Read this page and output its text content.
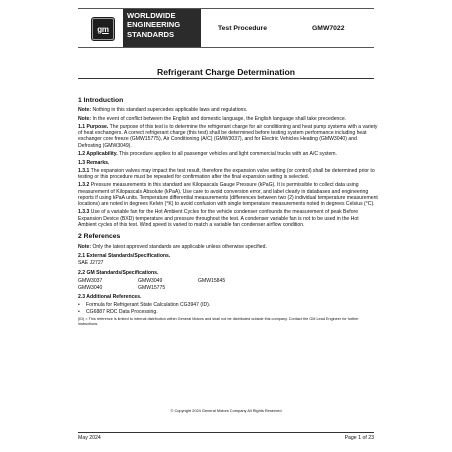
gm
WORLDWIDE
ENGINEERING
STANDARDS
Test Procedure	GMW7022
Refrigerant Charge Determination
1 Introduction
Note: Nothing in this standard supercedes applicable laws and regulations.
Note: In the event of conflict between the English and domestic language, the English language shall take precedence.
1.1 Purpose. The purpose of this test is to determine the refrigerant charge for air conditioning and heat pump systems with a variety of heat exchangers. A correct refrigerant charge (this test) shall be determined before testing system performance including heat exchanger core freeze (GMW15775), Air Conditioning (A/C) (GMW3037), and for Electric Vehicles Heating (GMW3040) and Defrosting (GMW3049).
1.2 Applicability. This procedure applies to all passenger vehicles and light commercial trucks with an A/C system.
1.3 Remarks.
1.3.1 The expansion valves may impact the test result, therefore the expansion valve setting (or control) shall be determined prior to testing or this procedure must be repeated for confirmation after the final expansion setting is selected.
1.3.2 Pressure measurements in this standard are Kilopascals Gauge Pressure (kPaG). It is permissible to collect data using measurement of Kilopascals Absolute (kPaA). Use care to avoid conversion error, and label clearly in databases and engineering reports if using kPaA units. Temperature differential measurements (differences between two (2) individual temperature measurement locations) are noted in degrees Kelvin (°K) to avoid confusion with single temperature measurements noted in degrees Celsius (°C).
1.3.3 Use of a variable fan for the Hot Ambient Cycles for the vehicle condenser confounds the measurement of peak Before Expansion Device (BXD) temperature and pressure throughout the test. A condenser variable fan is not to be used in the Hot Ambient cycles of this test. Wind speed is varied to match a variable fan condenser airflow condition.
2 References
Note: Only the latest approved standards are applicable unless otherwise specified.
2.1 External Standards/Specifications.
SAE J2727
2.2 GM Standards/Specifications.
GMW3037	GMW3049	GMW15845
GMW3040	GMW15775
2.3 Additional References.
•	Formula for Refrigerant State Calculation CG3947 (ID).
•	CG6887 RDC Data Processing.
(ID) = This reference is limited to internal distribution within General Motors and shall not be distributed outside this company. Contact the GM Lead Engineer for further instructions.
© Copyright 2024 General Motors Company All Rights Reserved
May 2024	Page 1 of 23
